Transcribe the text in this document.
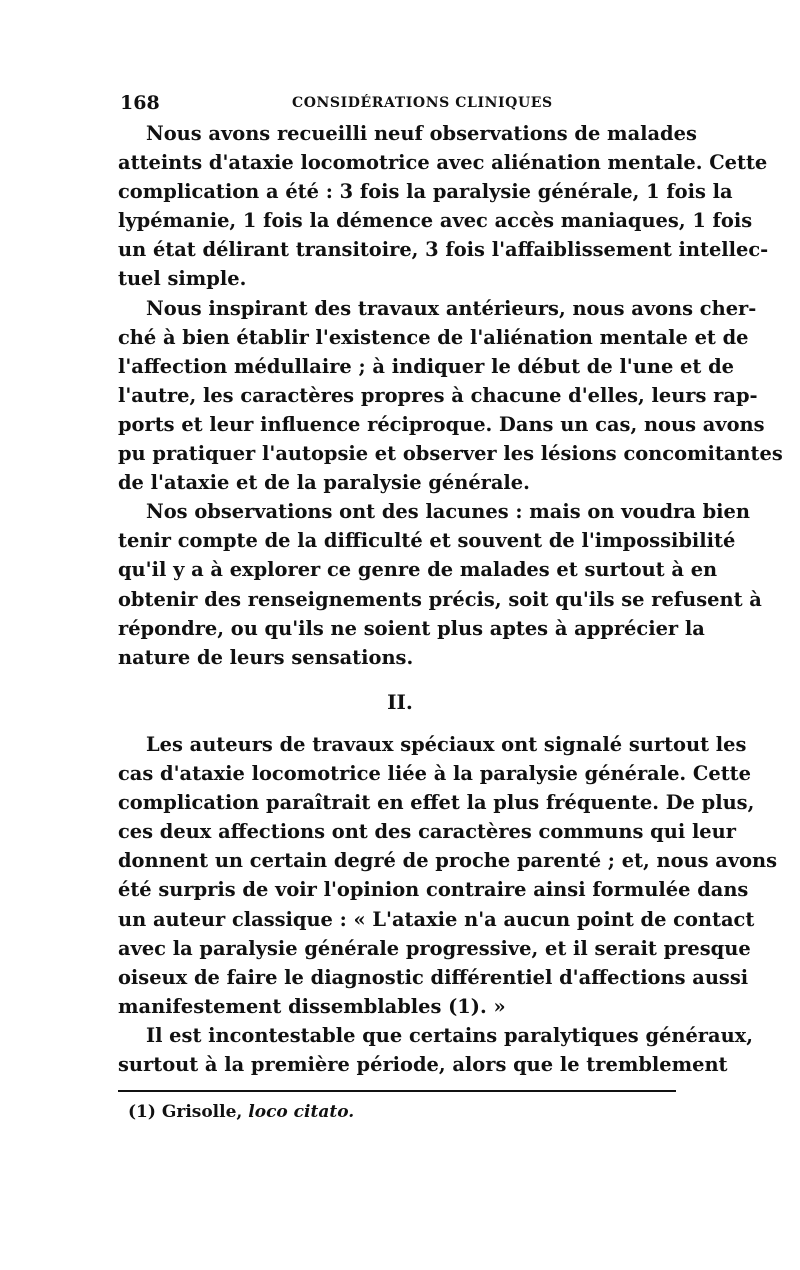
168	CONSIDÉRATIONS CLINIQUES
Nous avons recueilli neuf observations de malades
atteints d'ataxie locomotrice avec aliénation mentale. Cette
complication a été : 3 fois la paralysie générale, 1 fois la
lypémanie, 1 fois la démence avec accès maniaques, 1 fois
un état délirant transitoire, 3 fois l'affaiblissement intellec-
tuel simple.
Nous inspirant des travaux antérieurs, nous avons cher-
ché à bien établir l'existence de l'aliénation mentale et de
l'affection médullaire ; à indiquer le début de l'une et de
l'autre, les caractères propres à chacune d'elles, leurs rap-
ports et leur influence réciproque. Dans un cas, nous avons
pu pratiquer l'autopsie et observer les lésions concomitantes
de l'ataxie et de la paralysie générale.
Nos observations ont des lacunes : mais on voudra bien
tenir compte de la difficulté et souvent de l'impossibilité
qu'il y a à explorer ce genre de malades et surtout à en
obtenir des renseignements précis, soit qu'ils se refusent à
répondre, ou qu'ils ne soient plus aptes à apprécier la
nature de leurs sensations.
II.
Les auteurs de travaux spéciaux ont signalé surtout les
cas d'ataxie locomotrice liée à la paralysie générale. Cette
complication paraîtrait en effet la plus fréquente. De plus,
ces deux affections ont des caractères communs qui leur
donnent un certain degré de proche parenté ; et, nous avons
été surpris de voir l'opinion contraire ainsi formulée dans
un auteur classique : « L'ataxie n'a aucun point de contact
avec la paralysie générale progressive, et il serait presque
oiseux de faire le diagnostic différentiel d'affections aussi
manifestement dissemblables (1). »
Il est incontestable que certains paralytiques généraux,
surtout à la première période, alors que le tremblement
(1) Grisolle, loco citato.
